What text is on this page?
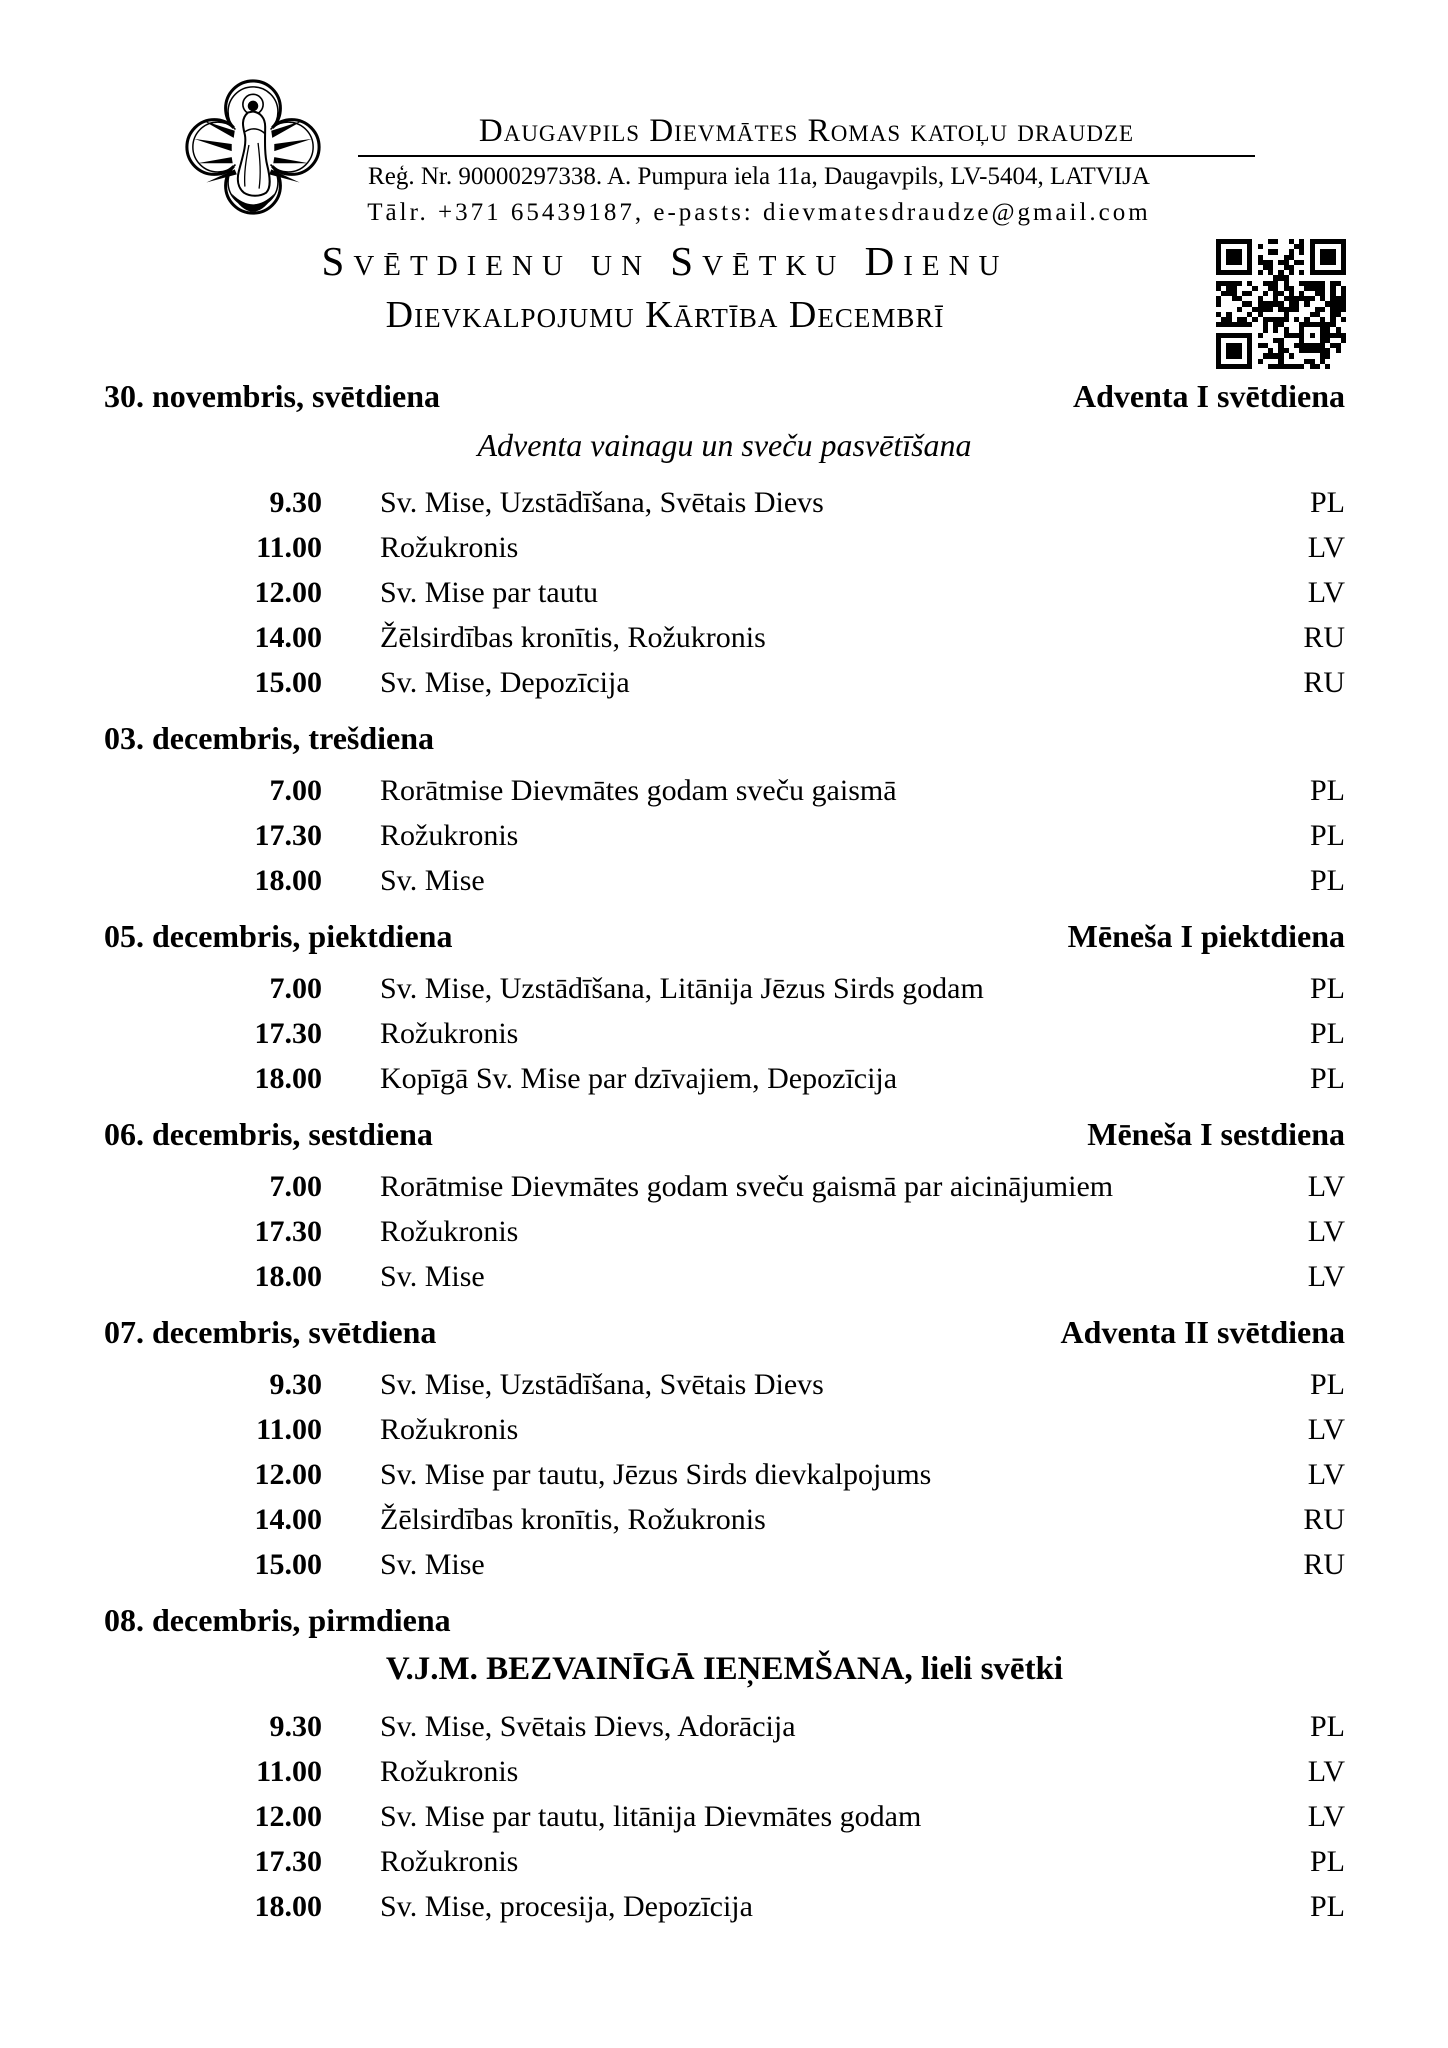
Daugavpils Dievmātes Romas katoļu draudze
Reģ. Nr. 90000297338. A. Pumpura iela 11a, Daugavpils, LV-5404, LATVIJA
Tālr. +371 65439187, e-pasts: dievmatesdraudze@gmail.com
Svētdienu un Svētku Dienu
Dievkalpojumu Kārtība Decembrī
30. novembris, svētdiena	Adventa I svētdiena
Adventa vainagu un sveču pasvētīšana
9.30	Sv. Mise, Uzstādīšana, Svētais Dievs	PL
11.00	Rožukronis	LV
12.00	Sv. Mise par tautu	LV
14.00	Žēlsirdības kronītis, Rožukronis	RU
15.00	Sv. Mise, Depozīcija	RU
03. decembris, trešdiena
7.00	Rorātmise Dievmātes godam sveču gaismā	PL
17.30	Rožukronis	PL
18.00	Sv. Mise	PL
05. decembris, piektdiena	Mēneša I piektdiena
7.00	Sv. Mise, Uzstādīšana, Litānija Jēzus Sirds godam	PL
17.30	Rožukronis	PL
18.00	Kopīgā Sv. Mise par dzīvajiem, Depozīcija	PL
06. decembris, sestdiena	Mēneša I sestdiena
7.00	Rorātmise Dievmātes godam sveču gaismā par aicinājumiem	LV
17.30	Rožukronis	LV
18.00	Sv. Mise	LV
07. decembris, svētdiena	Adventa II svētdiena
9.30	Sv. Mise, Uzstādīšana, Svētais Dievs	PL
11.00	Rožukronis	LV
12.00	Sv. Mise par tautu, Jēzus Sirds dievkalpojums	LV
14.00	Žēlsirdības kronītis, Rožukronis	RU
15.00	Sv. Mise	RU
08. decembris, pirmdiena
V.J.M. BEZVAINĪGĀ IEŅEMŠANA, lieli svētki
9.30	Sv. Mise, Svētais Dievs, Adorācija	PL
11.00	Rožukronis	LV
12.00	Sv. Mise par tautu, litānija Dievmātes godam	LV
17.30	Rožukronis	PL
18.00	Sv. Mise, procesija, Depozīcija	PL
